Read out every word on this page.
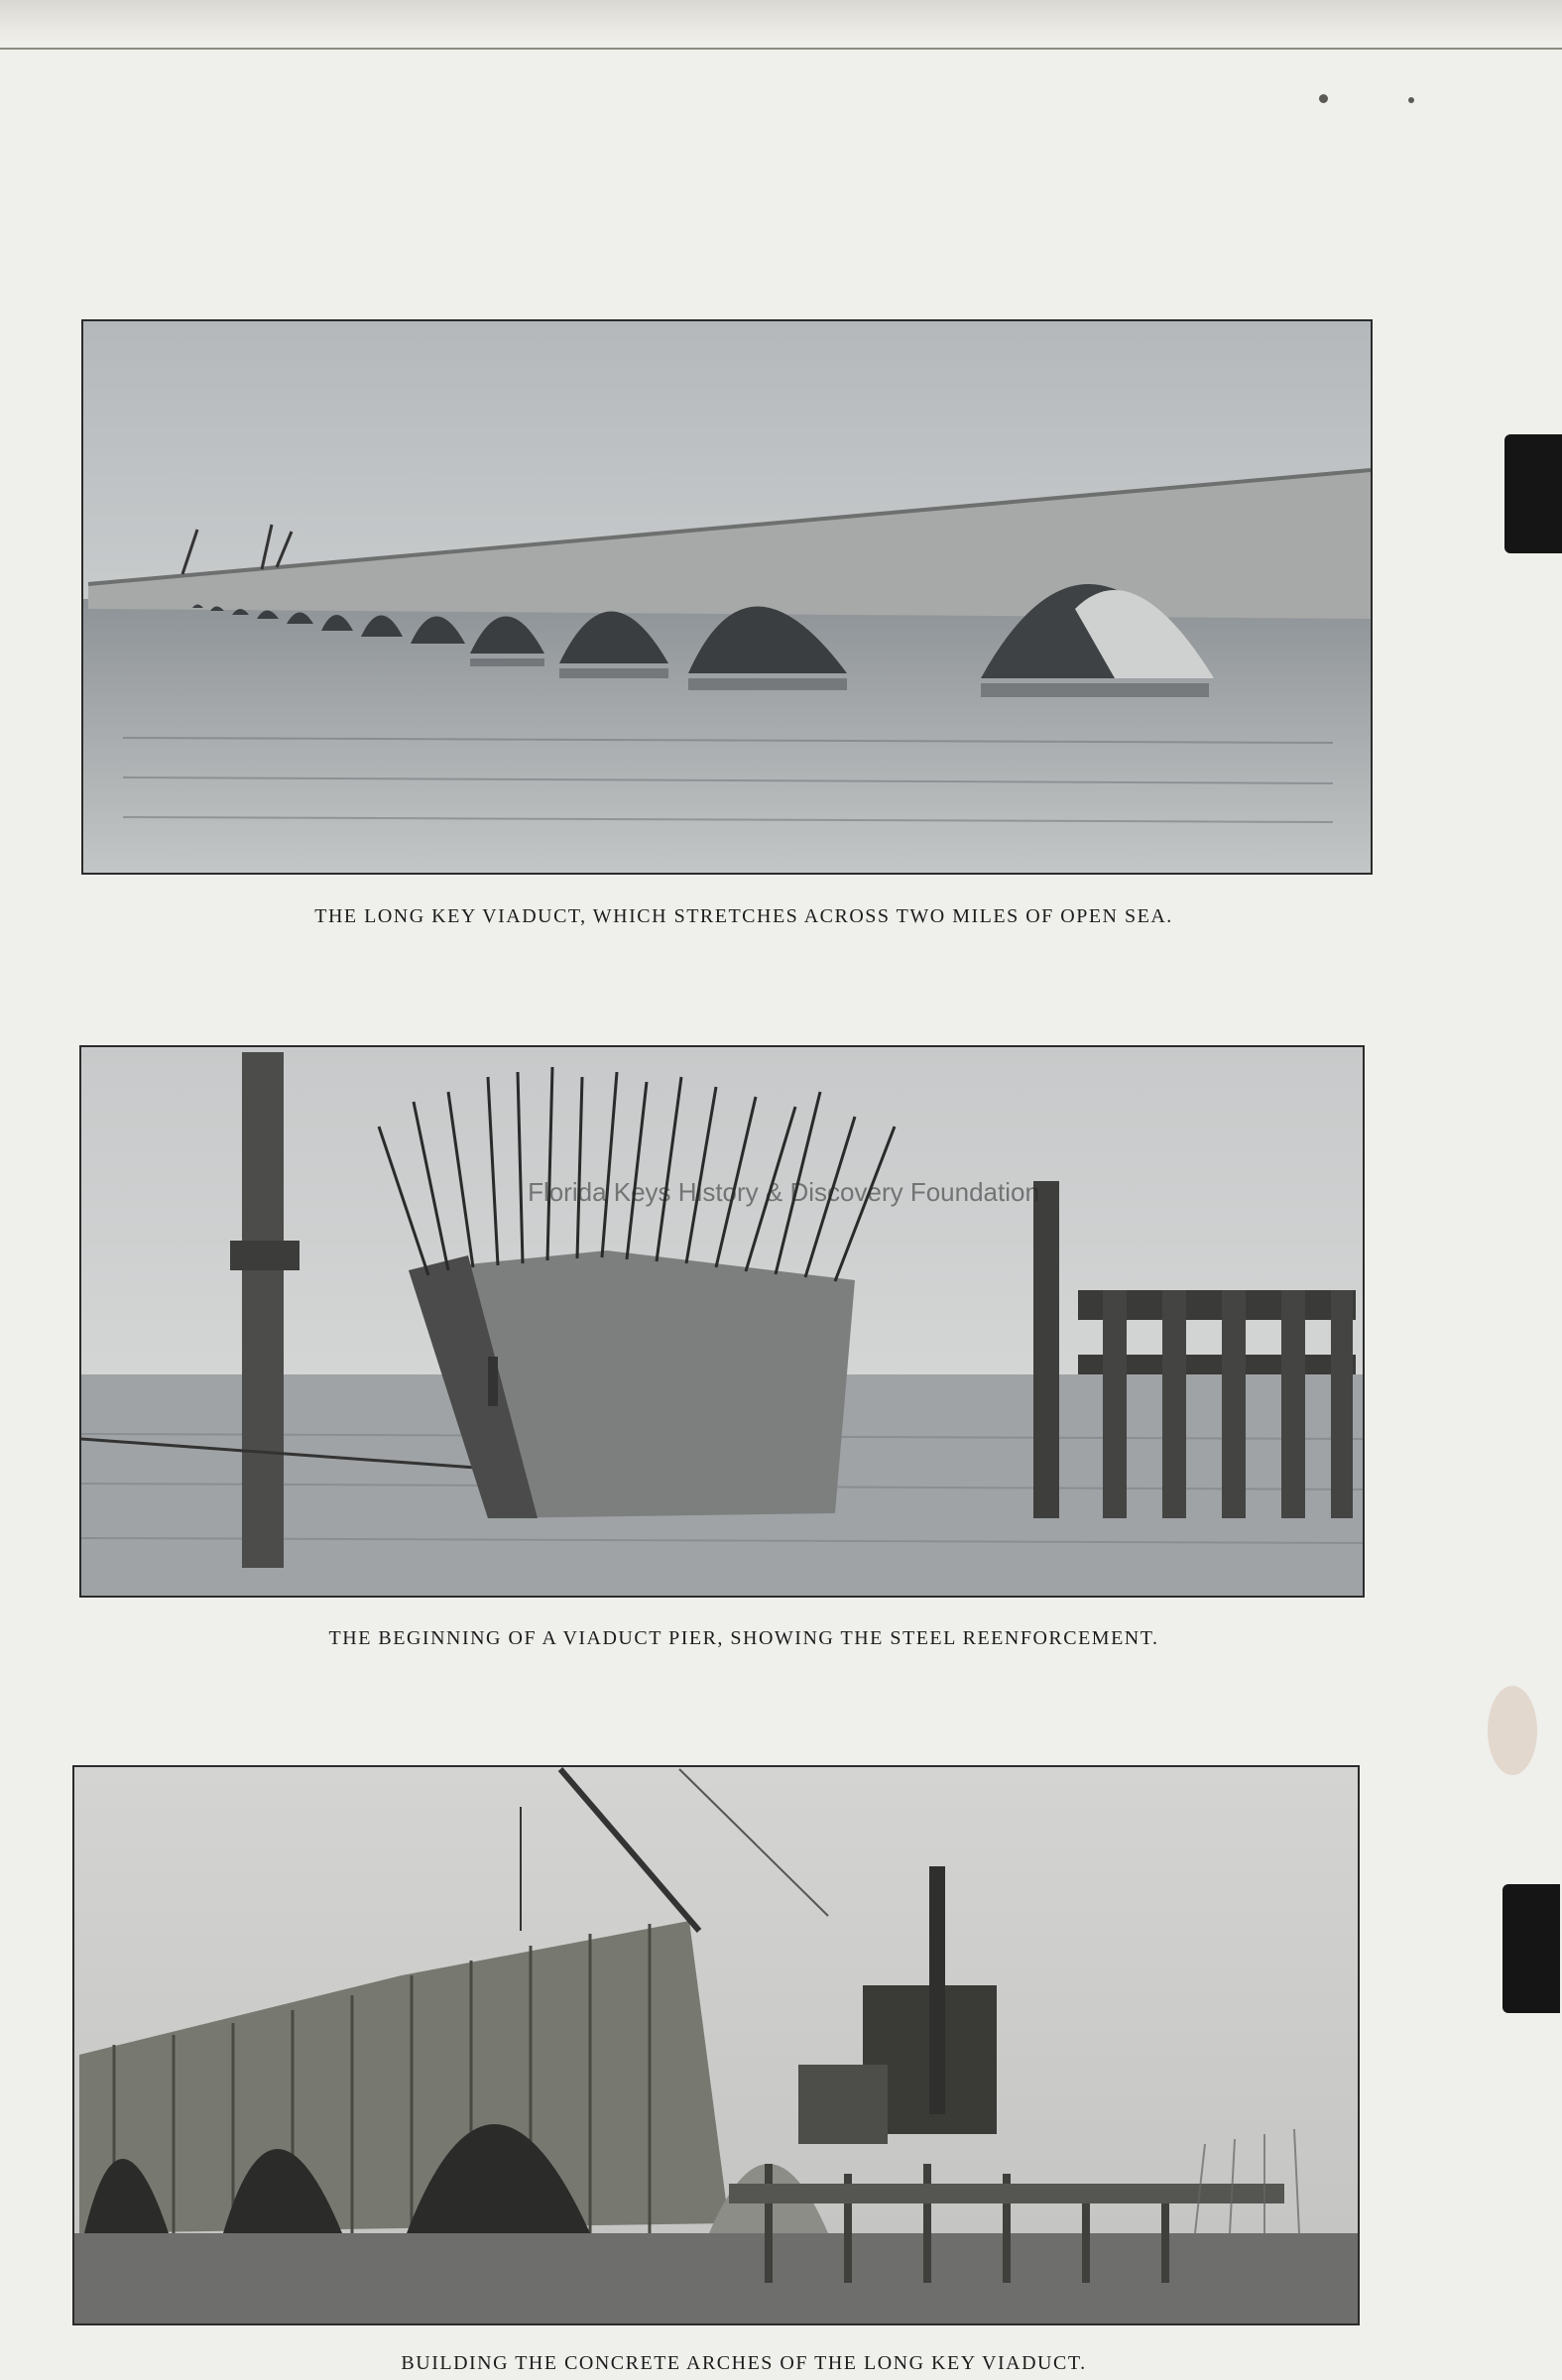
THE LONG KEY VIADUCT, WHICH STRETCHES ACROSS TWO MILES OF OPEN SEA.
Florida Keys History & Discovery Foundation
THE BEGINNING OF A VIADUCT PIER, SHOWING THE STEEL REENFORCEMENT.
BUILDING THE CONCRETE ARCHES OF THE LONG KEY VIADUCT.
